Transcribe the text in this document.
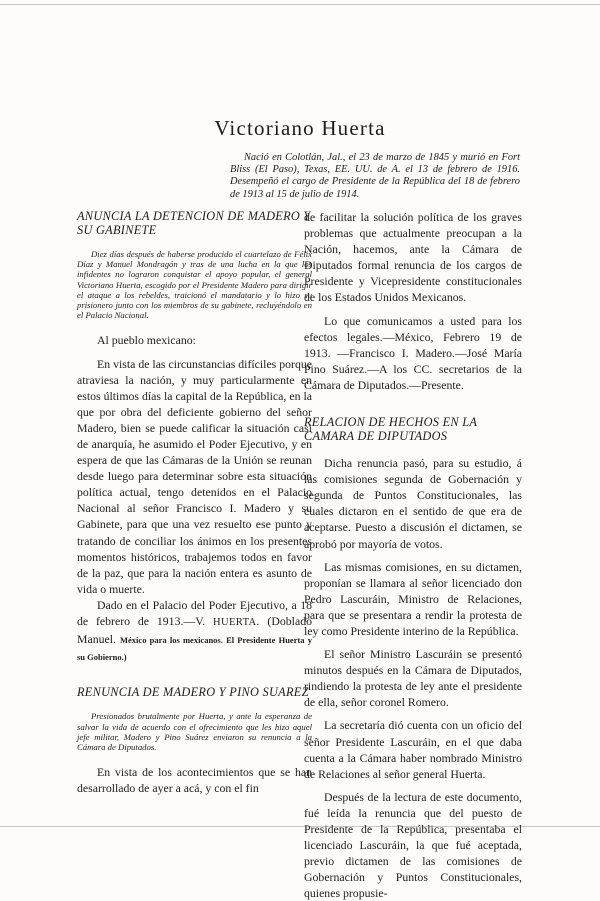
Victoriano Huerta
Nació en Colotlán, Jal., el 23 de marzo de 1845 y murió en Fort Bliss (El Paso), Texas, EE. UU. de A. el 13 de febrero de 1916. Desempeñó el cargo de Presidente de la República del 18 de febrero de 1913 al 15 de julio de 1914.
ANUNCIA LA DETENCION DE MADERO Y SU GABINETE
Diez días después de haberse producido el cuartelazo de Félix Díaz y Manuel Mondragón y tras de una lucha en la que los infidentes no lograron conquistar el apoyo popular, el general Victoriano Huerta, escogido por el Presidente Madero para dirigir el ataque a los rebeldes, traicionó el mandatario y lo hizo su prisionero junto con los miembros de su gabinete, recluyéndolo en el Palacio Nacional.

Al pueblo mexicano:

En vista de las circunstancias difíciles porque atraviesa la nación, y muy particularmente en estos últimos días la capital de la República, en la que por obra del deficiente gobierno del señor Madero, bien se puede calificar la situación casi de anarquía, he asumido el Poder Ejecutivo, y en espera de que las Cámaras de la Unión se reunan desde luego para determinar sobre esta situación política actual, tengo detenidos en el Palacio Nacional al señor Francisco I. Madero y su Gabinete, para que una vez resuelto ese punto y tratando de conciliar los ánimos en los presentes momentos históricos, trabajemos todos en favor de la paz, que para la nación entera es asunto de vida o muerte.

Dado en el Palacio del Poder Ejecutivo, a 18 de febrero de 1913.—V. HUERTA. (Doblado Manuel. México para los mexicanos. El Presidente Huerta y su Gobierno.)

RENUNCIA DE MADERO Y PINO SUAREZ
Presionados brutalmente por Huerta, y ante la esperanza de salvar la vida de acuerdo con el ofrecimiento que les hizo aquel jefe militar, Madero y Pino Suárez enviaron su renuncia a la Cámara de Diputados.

En vista de los acontecimientos que se han desarrollado de ayer a acá, y con el fin

de facilitar la solución política de los graves problemas que actualmente preocupan a la Nación, hacemos, ante la Cámara de Diputados formal renuncia de los cargos de Presidente y Vicepresidente constitucionales de los Estados Unidos Mexicanos.

Lo que comunicamos a usted para los efectos legales.—México, Febrero 19 de 1913. —Francisco I. Madero.—José María Pino Suárez.—A los CC. secretarios de la Cámara de Diputados.—Presente.

RELACION DE HECHOS EN LA CAMARA DE DIPUTADOS

Dicha renuncia pasó, para su estudio, á las comisiones segunda de Gobernación y segunda de Puntos Constitucionales, las cuales dictaron en el sentido de que era de aceptarse. Puesto a discusión el dictamen, se aprobó por mayoría de votos.

Las mismas comisiones, en su dictamen, proponían se llamara al señor licenciado don Pedro Lascuráin, Ministro de Relaciones, para que se presentara a rendir la protesta de ley como Presidente interino de la República.

El señor Ministro Lascuráin se presentó minutos después en la Cámara de Diputados, rindiendo la protesta de ley ante el presidente de ella, señor coronel Romero.

La secretaría dió cuenta con un oficio del señor Presidente Lascuráin, en el que daba cuenta a la Cámara haber nombrado Ministro de Relaciones al señor general Huerta.

Después de la lectura de este documento, fué leída la renuncia que del puesto de Presidente de la República, presentaba el licenciado Lascuráin, la que fué aceptada, previo dictamen de las comisiones de Gobernación y Puntos Constitucionales, quienes propusie-
